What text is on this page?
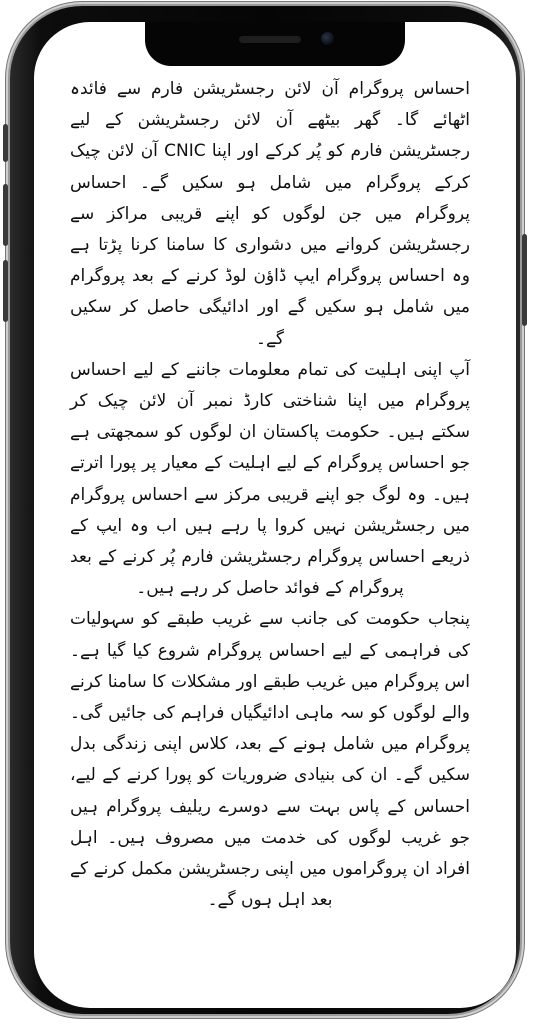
احساس پروگرام آن لائن رجسٹریشن فارم سے فائدہ اٹھائے گا۔ گھر بیٹھے آن لائن رجسٹریشن کے لیے رجسٹریشن فارم کو پُر کرکے اور اپنا CNIC آن لائن چیک کرکے پروگرام میں شامل ہو سکیں گے۔ احساس پروگرام میں جن لوگوں کو اپنے قریبی مراکز سے رجسٹریشن کروانے میں دشواری کا سامنا کرنا پڑتا ہے وہ احساس پروگرام ایپ ڈاؤن لوڈ کرنے کے بعد پروگرام میں شامل ہو سکیں گے اور ادائیگی حاصل کر سکیں گے۔

آپ اپنی اہلیت کی تمام معلومات جاننے کے لیے احساس پروگرام میں اپنا شناختی کارڈ نمبر آن لائن چیک کر سکتے ہیں۔ حکومت پاکستان ان لوگوں کو سمجھتی ہے جو احساس پروگرام کے لیے اہلیت کے معیار پر پورا اترتے ہیں۔ وہ لوگ جو اپنے قریبی مرکز سے احساس پروگرام میں رجسٹریشن نہیں کروا پا رہے ہیں اب وہ ایپ کے ذریعے احساس پروگرام رجسٹریشن فارم پُر کرنے کے بعد پروگرام کے فوائد حاصل کر رہے ہیں۔

پنجاب حکومت کی جانب سے غریب طبقے کو سہولیات کی فراہمی کے لیے احساس پروگرام شروع کیا گیا ہے۔ اس پروگرام میں غریب طبقے اور مشکلات کا سامنا کرنے والے لوگوں کو سہ ماہی ادائیگیاں فراہم کی جائیں گی۔ پروگرام میں شامل ہونے کے بعد، کلاس اپنی زندگی بدل سکیں گے۔ ان کی بنیادی ضروریات کو پورا کرنے کے لیے، احساس کے پاس بہت سے دوسرے ریلیف پروگرام ہیں جو غریب لوگوں کی خدمت میں مصروف ہیں۔ اہل افراد ان پروگراموں میں اپنی رجسٹریشن مکمل کرنے کے بعد اہل ہوں گے۔
